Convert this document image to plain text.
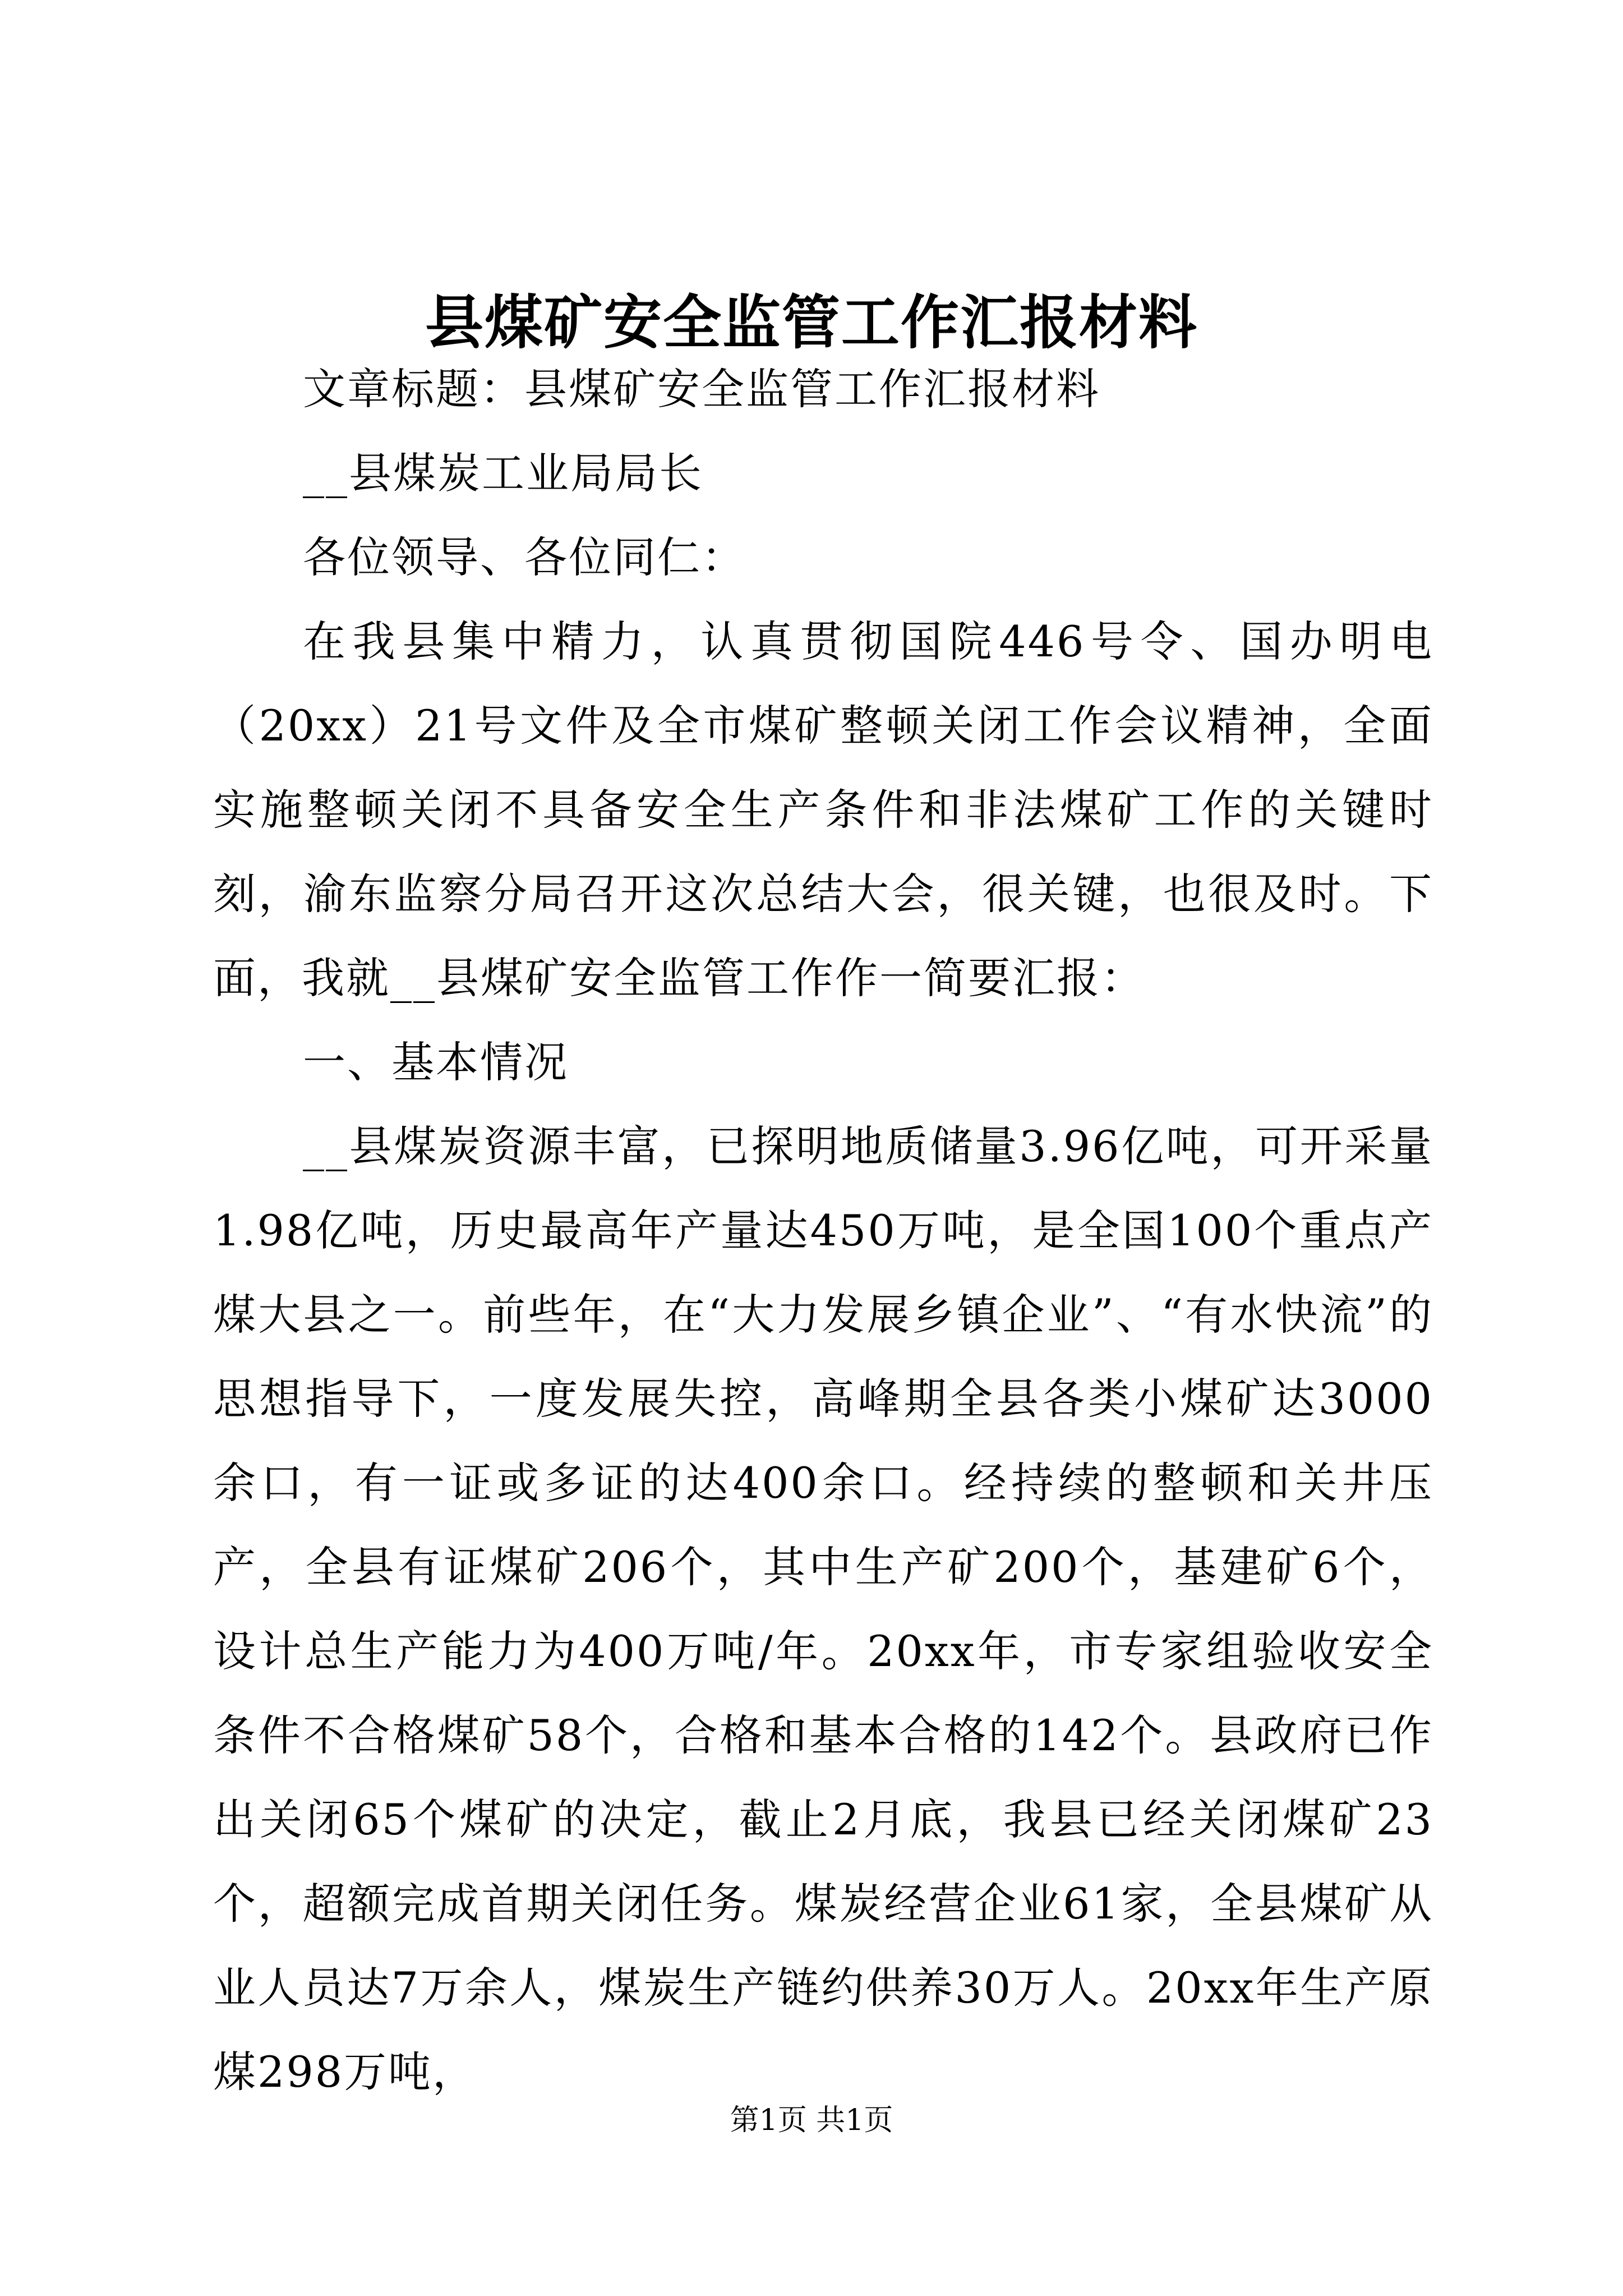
县煤矿安全监管工作汇报材料

文章标题：县煤矿安全监管工作汇报材料

__县煤炭工业局局长

各位领导、各位同仁：

在我县集中精力，认真贯彻国院446号令、国办明电（20xx）21号文件及全市煤矿整顿关闭工作会议精神，全面实施整顿关闭不具备安全生产条件和非法煤矿工作的关键时刻，渝东监察分局召开这次总结大会，很关键，也很及时。下面，我就__县煤矿安全监管工作作一简要汇报：

一、基本情况

__县煤炭资源丰富，已探明地质储量3.96亿吨，可开采量1.98亿吨，历史最高年产量达450万吨，是全国100个重点产煤大县之一。前些年，在“大力发展乡镇企业”、“有水快流”的思想指导下，一度发展失控，高峰期全县各类小煤矿达3000余口，有一证或多证的达400余口。经持续的整顿和关井压产，全县有证煤矿206个，其中生产矿200个，基建矿6个，设计总生产能力为400万吨/年。20xx年，市专家组验收安全条件不合格煤矿58个，合格和基本合格的142个。县政府已作出关闭65个煤矿的决定，截止2月底，我县已经关闭煤矿23个，超额完成首期关闭任务。煤炭经营企业61家，全县煤矿从业人员达7万余人，煤炭生产链约供养30万人。20xx年生产原煤298万吨，

第1页 共1页
